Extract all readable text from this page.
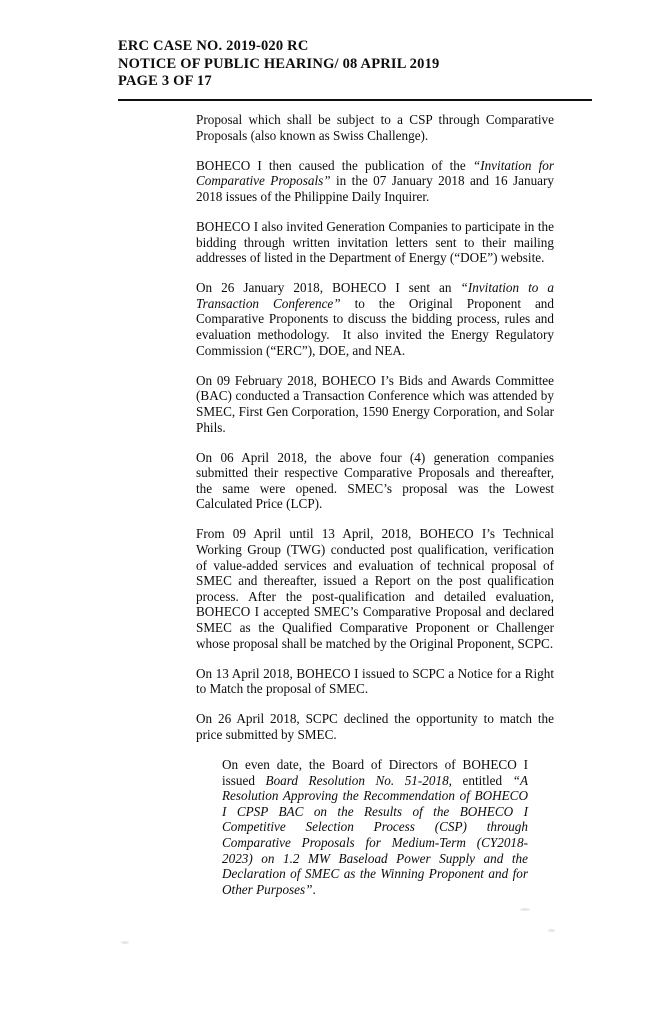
ERC CASE NO. 2019-020 RC
NOTICE OF PUBLIC HEARING/ 08 APRIL 2019
PAGE 3 OF 17

Proposal which shall be subject to a CSP through Comparative Proposals (also known as Swiss Challenge).

BOHECO I then caused the publication of the “Invitation for Comparative Proposals” in the 07 January 2018 and 16 January 2018 issues of the Philippine Daily Inquirer.

BOHECO I also invited Generation Companies to participate in the bidding through written invitation letters sent to their mailing addresses of listed in the Department of Energy (“DOE”) website.

On 26 January 2018, BOHECO I sent an “Invitation to a Transaction Conference” to the Original Proponent and Comparative Proponents to discuss the bidding process, rules and evaluation methodology.  It also invited the Energy Regulatory Commission (“ERC”), DOE, and NEA.

On 09 February 2018, BOHECO I’s Bids and Awards Committee (BAC) conducted a Transaction Conference which was attended by SMEC, First Gen Corporation, 1590 Energy Corporation, and Solar Phils.

On 06 April 2018, the above four (4) generation companies submitted their respective Comparative Proposals and thereafter, the same were opened. SMEC’s proposal was the Lowest Calculated Price (LCP).

From 09 April until 13 April, 2018, BOHECO I’s Technical Working Group (TWG) conducted post qualification, verification of value-added services and evaluation of technical proposal of SMEC and thereafter, issued a Report on the post qualification process. After the post-qualification and detailed evaluation, BOHECO I accepted SMEC’s Comparative Proposal and declared SMEC as the Qualified Comparative Proponent or Challenger whose proposal shall be matched by the Original Proponent, SCPC.

On 13 April 2018, BOHECO I issued to SCPC a Notice for a Right to Match the proposal of SMEC.

On 26 April 2018, SCPC declined the opportunity to match the price submitted by SMEC.

On even date, the Board of Directors of BOHECO I issued Board Resolution No. 51-2018, entitled “A Resolution Approving the Recommendation of BOHECO I CPSP BAC on the Results of the BOHECO I Competitive Selection Process (CSP) through Comparative Proposals for Medium-Term (CY2018-2023) on 1.2 MW Baseload Power Supply and the Declaration of SMEC as the Winning Proponent and for Other Purposes”.
